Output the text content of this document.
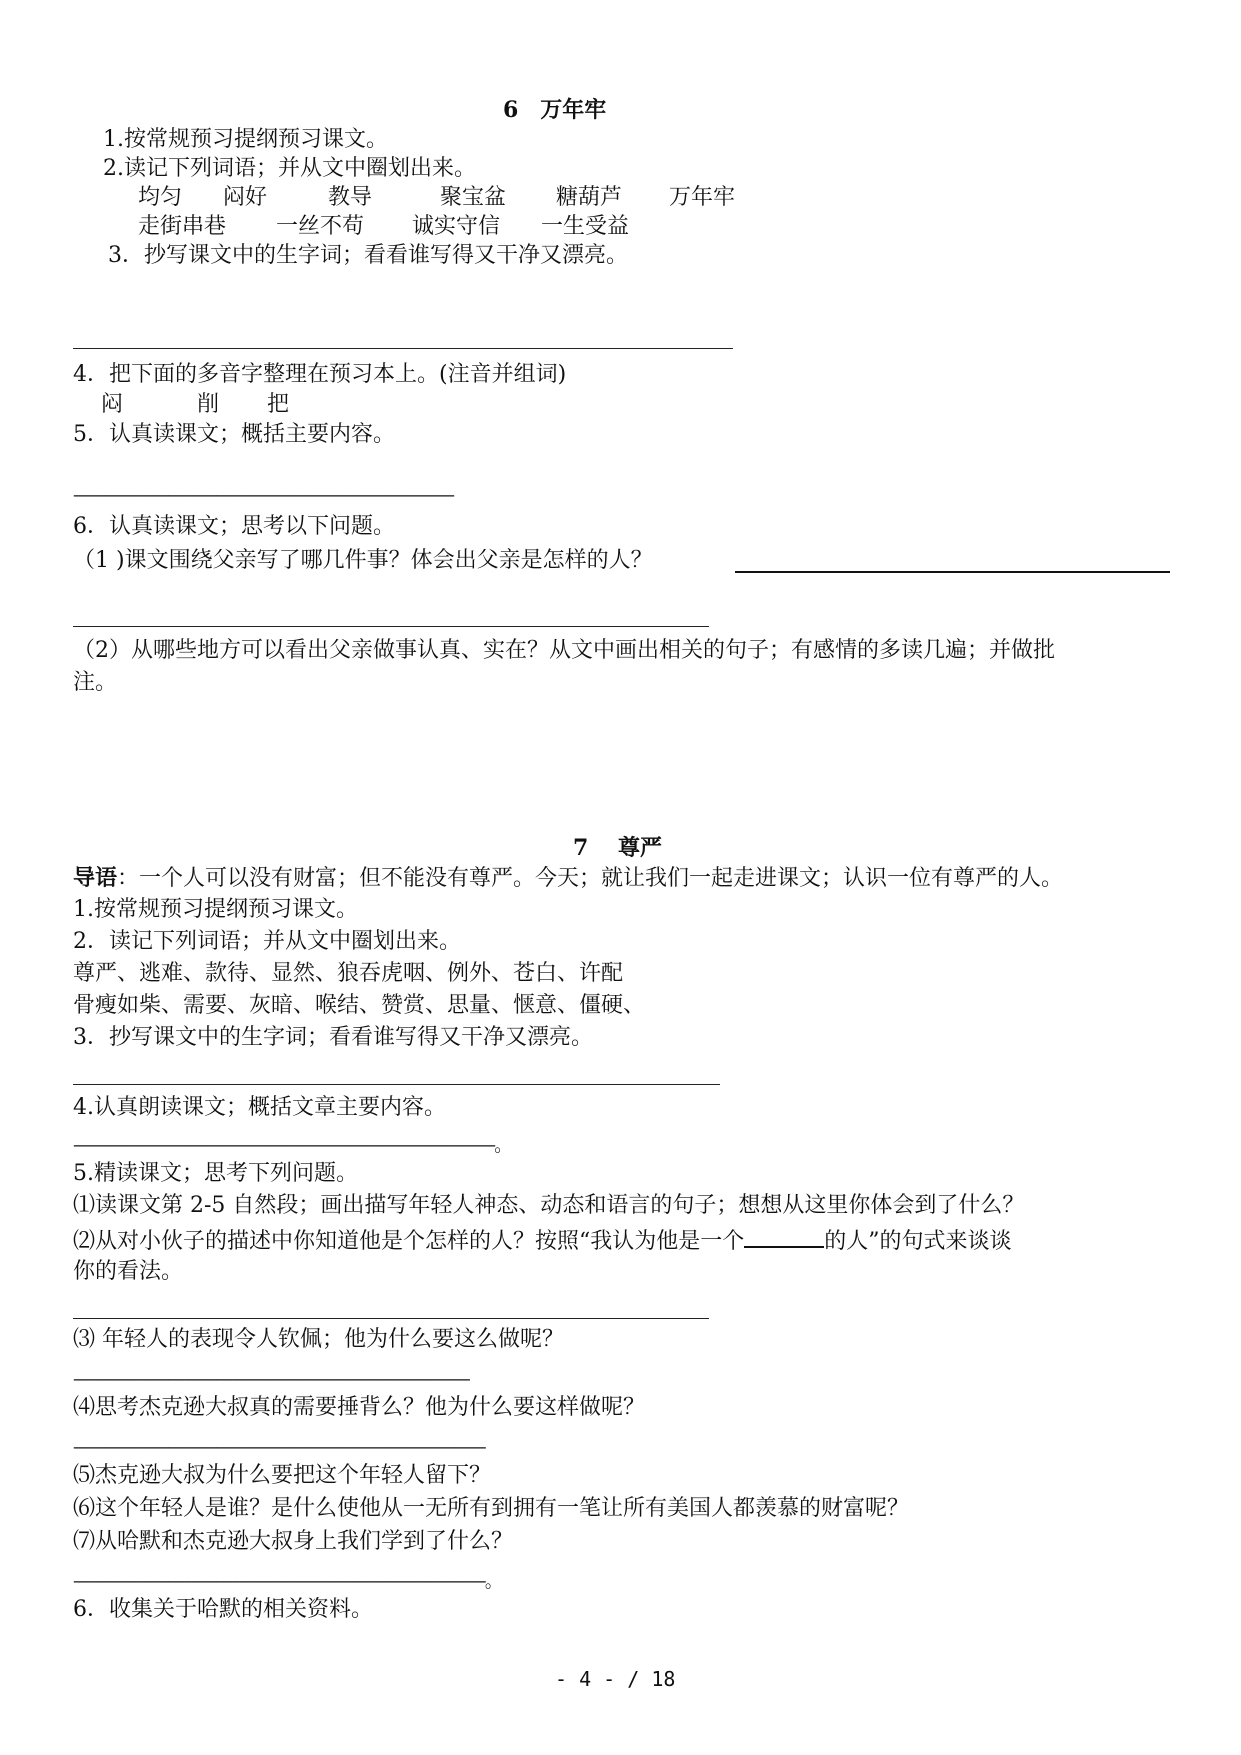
6　万年牢
1.按常规预习提纲预习课文。
2.读记下列词语；并从文中圈划出来。
均匀 闷好	教导	聚宝盆 糖葫芦 万年牢
走街串巷 一丝不苟 诚实守信 一生受益
3．抄写课文中的生字词；看看谁写得又干净又漂亮。
4．把下面的多音字整理在预习本上。(注音并组词)
闷	削 把
5．认真读课文；概括主要内容。
————————————————————————
6．认真读课文；思考以下问题。
（1 )课文围绕父亲写了哪几件事？体会出父亲是怎样的人？
（2）从哪些地方可以看出父亲做事认真、实在？从文中画出相关的句子；有感情的多读几遍；并做批
注。
7　 尊严
导语：一个人可以没有财富；但不能没有尊严。今天；就让我们一起走进课文；认识一位有尊严的人。
1.按常规预习提纲预习课文。
2．读记下列词语；并从文中圈划出来。
尊严、逃难、款待、显然、狼吞虎咽、例外、苍白、许配
骨瘦如柴、需要、灰暗、喉结、赞赏、思量、惬意、僵硬、
3．抄写课文中的生字词；看看谁写得又干净又漂亮。
4.认真朗读课文；概括文章主要内容。
——————————————————————————。
5.精读课文；思考下列问题。
⑴读课文第 2-5 自然段；画出描写年轻人神态、动态和语言的句子；想想从这里你体会到了什么？
⑵从对小伙子的描述中你知道他是个怎样的人？按照“我认为他是一个	的人”的句式来谈谈
你的看法。
⑶ 年轻人的表现令人钦佩；他为什么要这么做呢？
—————————————————————————
⑷思考杰克逊大叔真的需要捶背么？他为什么要这样做呢？
——————————————————————————
⑸杰克逊大叔为什么要把这个年轻人留下？
⑹这个年轻人是谁？是什么使他从一无所有到拥有一笔让所有美国人都羡慕的财富呢？
⑺从哈默和杰克逊大叔身上我们学到了什么？
——————————————————————————。
6．收集关于哈默的相关资料。
- 4 - / 18
